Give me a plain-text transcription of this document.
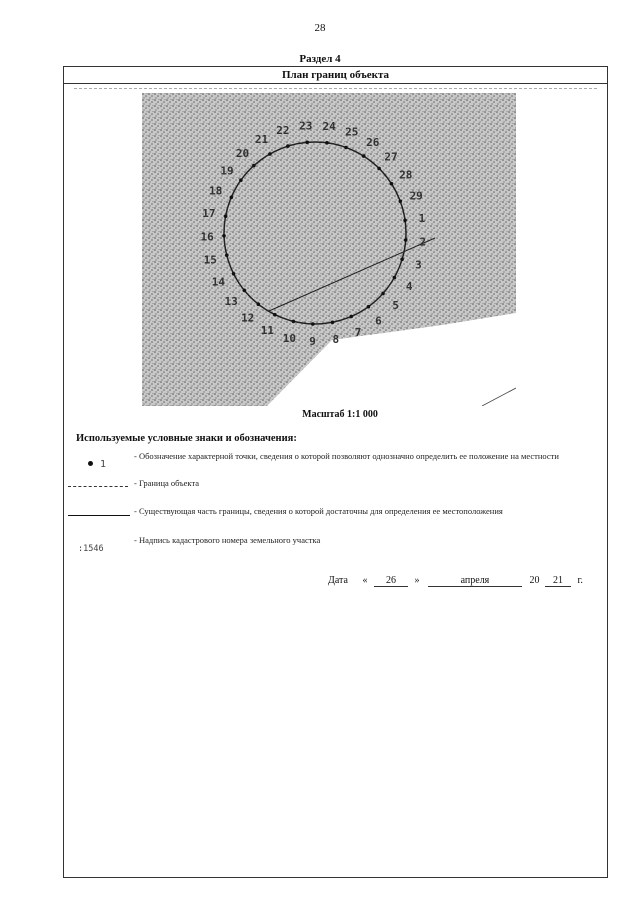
28
Раздел 4
План границ объекта
1
2
3
4
5
6
7
8
9
10
11
12
13
14
15
16
17
18
19
20
21
22 23 24 25
26
27
28
29
Масштаб 1:1 000
Используемые условные знаки и обозначения:
1
- Обозначение характерной точки, сведения о которой позволяют однозначно определить ее положение на местности
- Граница объекта
- Существующая часть границы, сведения о которой достаточны для определения ее местоположения
:1546
- Надпись кадастрового номера земельного участка
Дата « 26 »	апреля	20 21 г.
